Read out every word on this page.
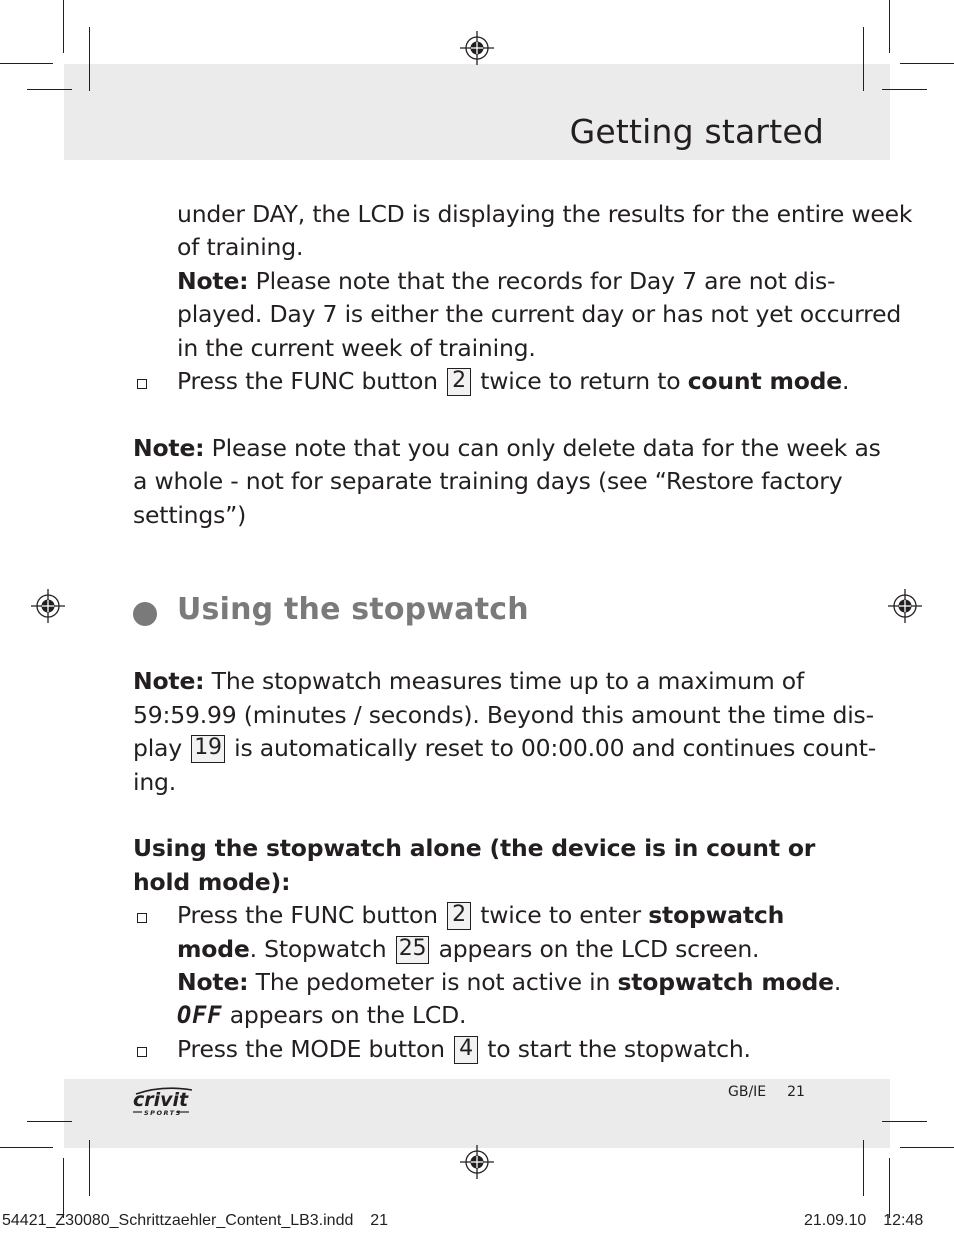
Getting started
under DAY, the LCD is displaying the results for the entire week
of training.
Note: Please note that the records for Day 7 are not dis-
played. Day 7 is either the current day or has not yet occurred
in the current week of training.
Press the FUNC button 2 twice to return to count mode.
Note: Please note that you can only delete data for the week as
a whole - not for separate training days (see “Restore factory
settings”)
Using the stopwatch
Note: The stopwatch measures time up to a maximum of
59:59.99 (minutes / seconds). Beyond this amount the time dis-
play 19 is automatically reset to 00:00.00 and continues count-
ing.
Using the stopwatch alone (the device is in count or
hold mode):
Press the FUNC button 2 twice to enter stopwatch
mode. Stopwatch 25 appears on the LCD screen.
Note: The pedometer is not active in stopwatch mode.
OFF appears on the LCD.
Press the MODE button 4 to start the stopwatch.
crivit
SPORTS
GB/IE 21
54421_Z30080_Schrittzaehler_Content_LB3.indd 21	21.09.10 12:48
